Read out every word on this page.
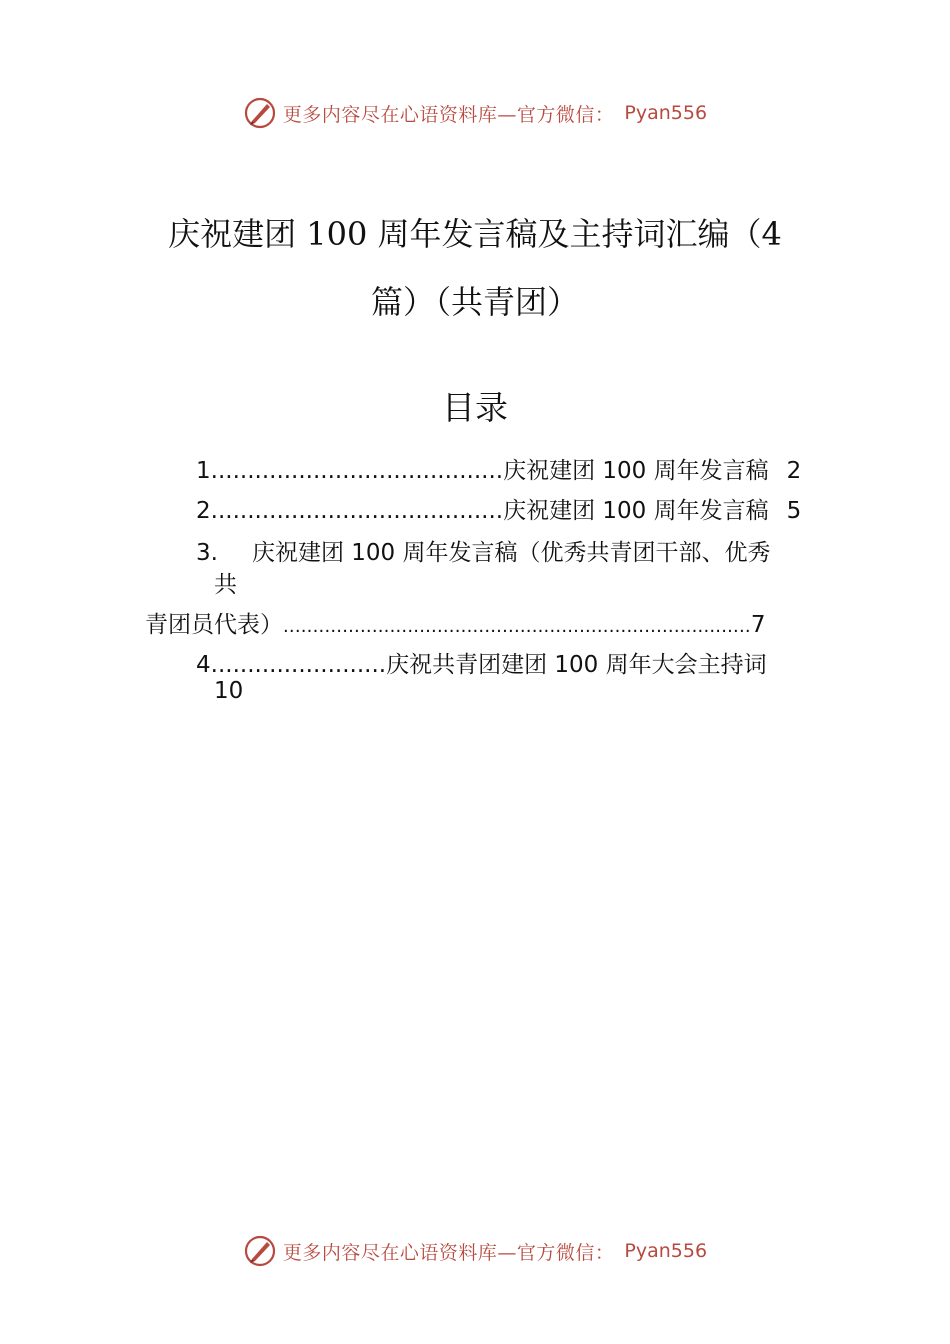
更多内容尽在心语资料库—官方微信： Pyan556
庆祝建团 100 周年发言稿及主持词汇编（4
篇）（共青团）
目录
1........................................庆祝建团 100 周年发言稿 2
2........................................庆祝建团 100 周年发言稿 5
3. 庆祝建团 100 周年发言稿（优秀共青团干部、优秀
共
青团员代表）...............................................................................7
4........................庆祝共青团建团 100 周年大会主持词
10
更多内容尽在心语资料库—官方微信： Pyan556
